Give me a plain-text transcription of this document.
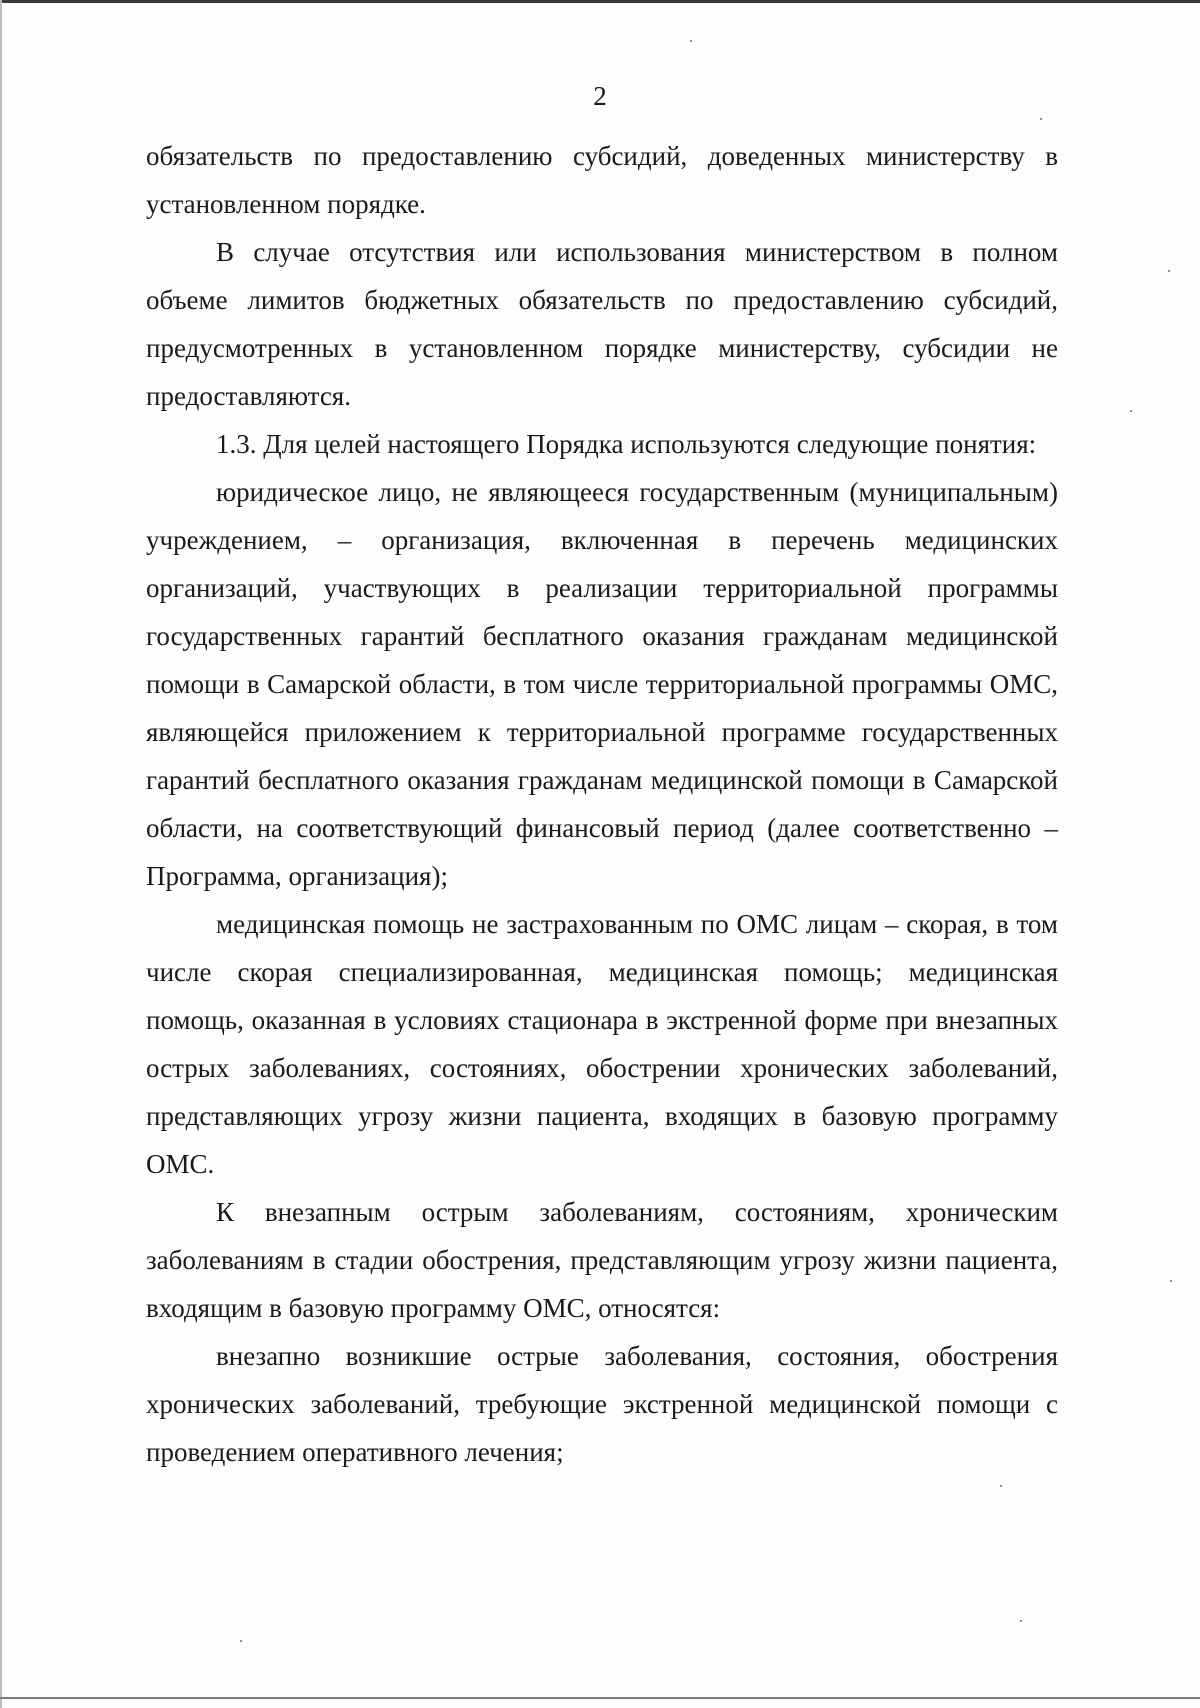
2

обязательств по предоставлению субсидий, доведенных министерству в установленном порядке.

В случае отсутствия или использования министерством в полном объеме лимитов бюджетных обязательств по предоставлению субсидий, предусмотренных в установленном порядке министерству, субсидии не предоставляются.

1.3. Для целей настоящего Порядка используются следующие понятия:

юридическое лицо, не являющееся государственным (муниципальным) учреждением, – организация, включенная в перечень медицинских организаций, участвующих в реализации территориальной программы государственных гарантий бесплатного оказания гражданам медицинской помощи в Самарской области, в том числе территориальной программы ОМС, являющейся приложением к территориальной программе государственных гарантий бесплатного оказания гражданам медицинской помощи в Самарской области, на соответствующий финансовый период (далее соответственно – Программа, организация);

медицинская помощь не застрахованным по ОМС лицам – скорая, в том числе скорая специализированная, медицинская помощь; медицинская помощь, оказанная в условиях стационара в экстренной форме при внезапных острых заболеваниях, состояниях, обострении хронических заболеваний, представляющих угрозу жизни пациента, входящих в базовую программу ОМС.

К внезапным острым заболеваниям, состояниям, хроническим заболеваниям в стадии обострения, представляющим угрозу жизни пациента, входящим в базовую программу ОМС, относятся:

внезапно возникшие острые заболевания, состояния, обострения хронических заболеваний, требующие экстренной медицинской помощи с проведением оперативного лечения;
